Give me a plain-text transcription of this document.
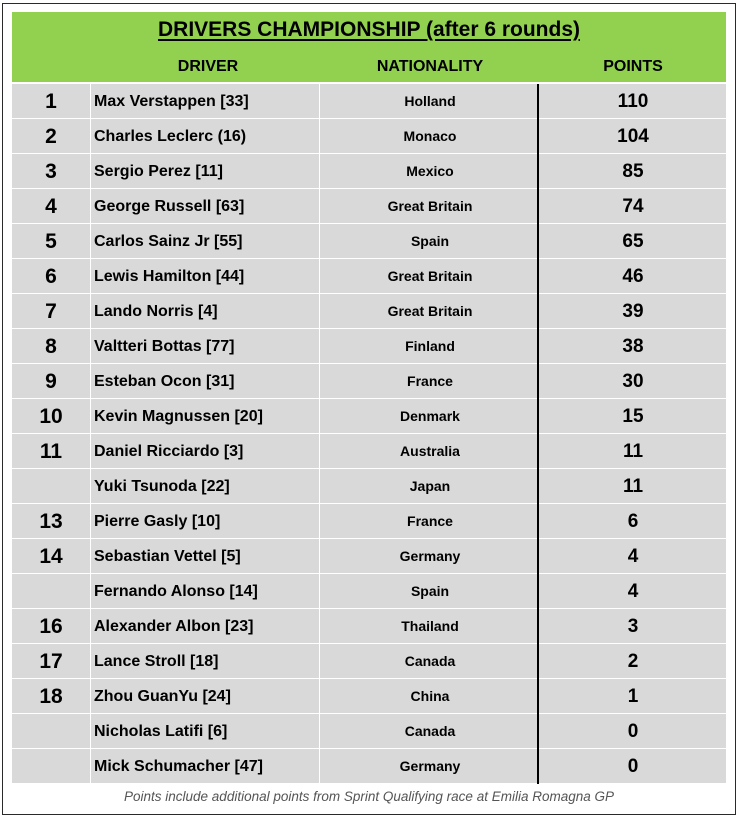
DRIVERS CHAMPIONSHIP (after 6 rounds)
DRIVER	NATIONALITY	POINTS
Mick Schumacher [47]	Germany	0
Nicholas Latifi [6]	Canada	0
18	Zhou GuanYu [24]	China	1
17	Lance Stroll [18]	Canada	2
16	Alexander Albon [23]	Thailand	3
Fernando Alonso [14]	Spain	4
14	Sebastian Vettel [5]	Germany	4
13	Pierre Gasly [10]	France	6
Yuki Tsunoda [22]	Japan	11
11	Daniel Ricciardo [3]	Australia	11
10	Kevin Magnussen [20]	Denmark	15
9	Esteban Ocon [31]	France	30
8	Valtteri Bottas [77]	Finland	38
7	Lando Norris [4]	Great Britain	39
6	Lewis Hamilton [44]	Great Britain	46
5	Carlos Sainz Jr [55]	Spain	65
4	George Russell [63]	Great Britain	74
3	Sergio Perez [11]	Mexico	85
2	Charles Leclerc (16)	Monaco	104
1	Max Verstappen [33]	Holland	110
Points include additional points from Sprint Qualifying race at Emilia Romagna GP
